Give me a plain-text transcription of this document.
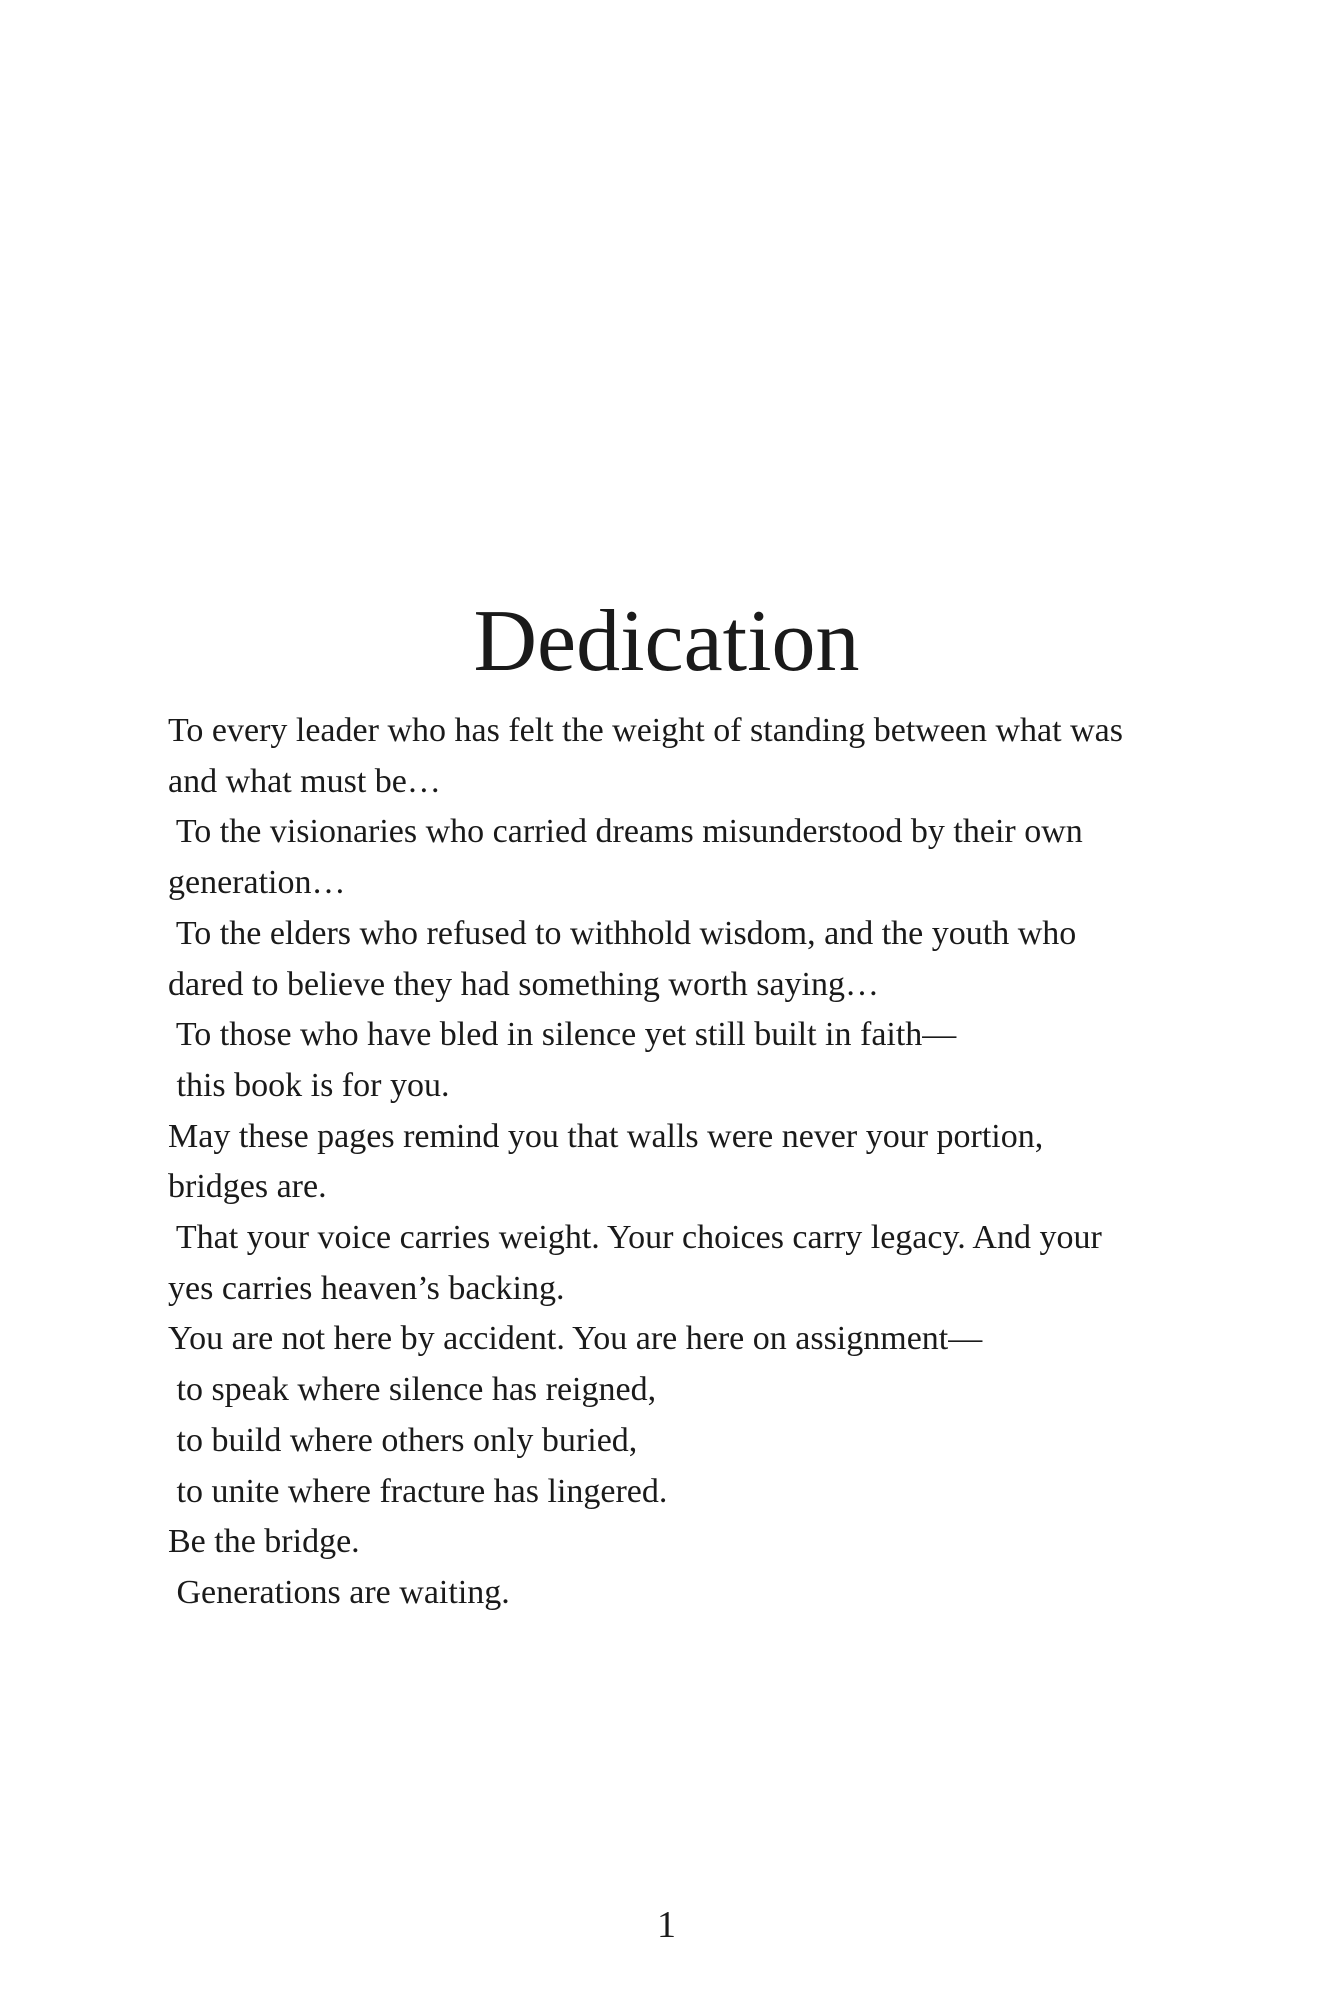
Dedication
To every leader who has felt the weight of standing between what was
and what must be…
To the visionaries who carried dreams misunderstood by their own
generation…
To the elders who refused to withhold wisdom, and the youth who
dared to believe they had something worth saying…
To those who have bled in silence yet still built in faith—
this book is for you.
May these pages remind you that walls were never your portion,
bridges are.
That your voice carries weight. Your choices carry legacy. And your
yes carries heaven’s backing.
You are not here by accident. You are here on assignment—
to speak where silence has reigned,
to build where others only buried,
to unite where fracture has lingered.
Be the bridge.
Generations are waiting.
1
